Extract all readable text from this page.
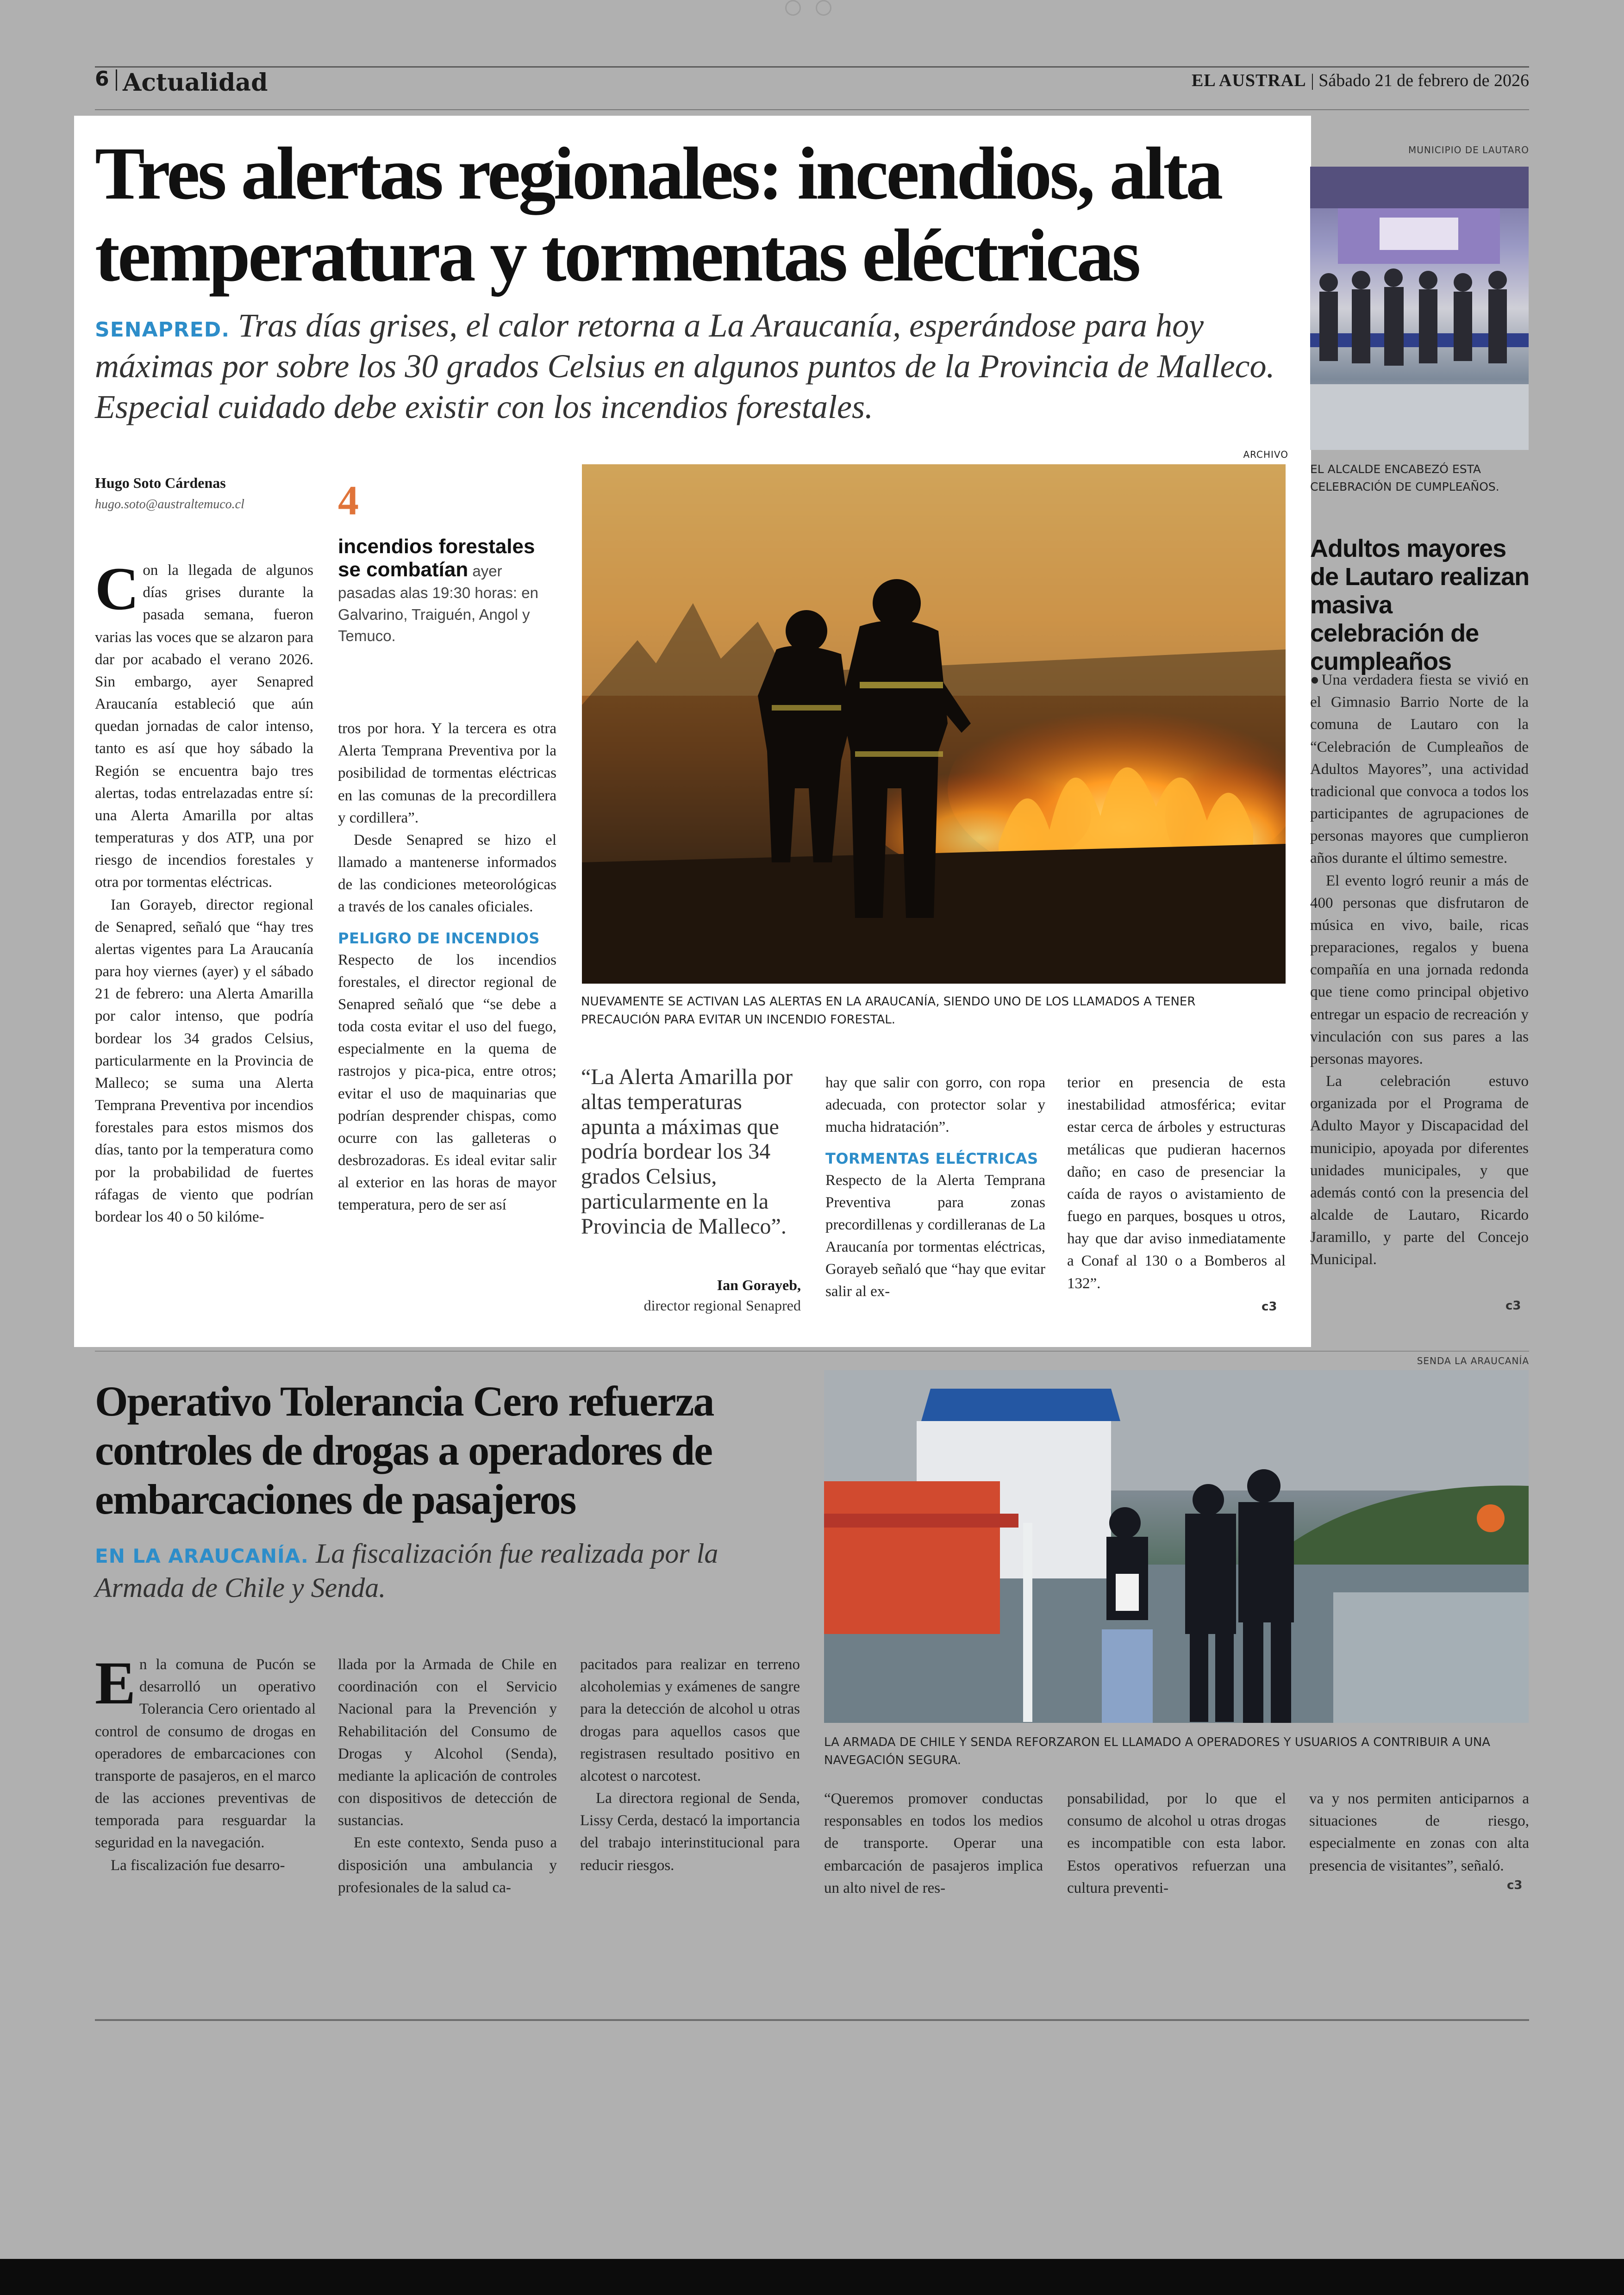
6 Actualidad	EL AUSTRAL | Sábado 21 de febrero de 2026
Tres alertas regionales: incendios, alta temperatura y tormentas eléctricas
SENAPRED. Tras días grises, el calor retorna a La Araucanía, esperándose para hoy máximas por sobre los 30 grados Celsius en algunos puntos de la Provincia de Malleco. Especial cuidado debe existir con los incendios forestales.
ARCHIVO
Hugo Soto Cárdenas
hugo.soto@australtemuco.cl

Con la llegada de algunos días grises durante la pasada semana, fueron varias las voces que se alzaron para dar por acabado el verano 2026. Sin embargo, ayer Senapred Araucanía estableció que aún quedan jornadas de calor intenso, tanto es así que hoy sábado la Región se encuentra bajo tres alertas, todas entrelazadas entre sí: una Alerta Amarilla por altas temperaturas y dos ATP, una por riesgo de incendios forestales y otra por tormentas eléctricas.

Ian Gorayeb, director regional de Senapred, señaló que “hay tres alertas vigentes para La Araucanía para hoy viernes (ayer) y el sábado 21 de febrero: una Alerta Amarilla por calor intenso, que podría bordear los 34 grados Celsius, particularmente en la Provincia de Malleco; se suma una Alerta Temprana Preventiva por incendios forestales para estos mismos dos días, tanto por la temperatura como por la probabilidad de fuertes ráfagas de viento que podrían bordear los 40 o 50 kilóme-

4
incendios forestales se combatían ayer pasadas alas 19:30 horas: en Galvarino, Traiguén, Angol y Temuco.

tros por hora. Y la tercera es otra Alerta Temprana Preventiva por la posibilidad de tormentas eléctricas en las comunas de la precordillera y cordillera”.

Desde Senapred se hizo el llamado a mantenerse informados de las condiciones meteorológicas a través de los canales oficiales.

PELIGRO DE INCENDIOS

Respecto de los incendios forestales, el director regional de Senapred señaló que “se debe a toda costa evitar el uso del fuego, especialmente en la quema de rastrojos y pica-pica, entre otros; evitar el uso de maquinarias que podrían desprender chispas, como ocurre con las galleteras o desbrozadoras. Es ideal evitar salir al exterior en las horas de mayor temperatura, pero de ser así

NUEVAMENTE SE ACTIVAN LAS ALERTAS EN LA ARAUCANÍA, SIENDO UNO DE LOS LLAMADOS A TENER PRECAUCIÓN PARA EVITAR UN INCENDIO FORESTAL.
“La Alerta Amarilla por altas temperaturas apunta a máximas que podría bordear los 34 grados Celsius, particularmente en la Provincia de Malleco”.
Ian Gorayeb,
director regional Senapred

hay que salir con gorro, con ropa adecuada, con protector solar y mucha hidratación”.

TORMENTAS ELÉCTRICAS

Respecto de la Alerta Temprana Preventiva para zonas precordillenas y cordilleranas de La Araucanía por tormentas eléctricas, Gorayeb señaló que “hay que evitar salir al ex-

terior en presencia de esta inestabilidad atmosférica; evitar estar cerca de árboles y estructuras metálicas que pudieran hacernos daño; en caso de presenciar la caída de rayos o avistamiento de fuego en parques, bosques u otros, hay que dar aviso inmediatamente a Conaf al 130 o a Bomberos al 132”.

c3
MUNICIPIO DE LAUTARO
EL ALCALDE ENCABEZÓ ESTA CELEBRACIÓN DE CUMPLEAÑOS.
Adultos mayores de Lautaro realizan masiva celebración de cumpleaños

●Una verdadera fiesta se vivió en el Gimnasio Barrio Norte de la comuna de Lautaro con la “Celebración de Cumpleaños de Adultos Mayores”, una actividad tradicional que convoca a todos los participantes de agrupaciones de personas mayores que cumplieron años durante el último semestre.

El evento logró reunir a más de 400 personas que disfrutaron de música en vivo, baile, ricas preparaciones, regalos y buena compañía en una jornada redonda que tiene como principal objetivo entregar un espacio de recreación y vinculación con sus pares a las personas mayores.

La celebración estuvo organizada por el Programa de Adulto Mayor y Discapacidad del municipio, apoyada por diferentes unidades municipales, y que además contó con la presencia del alcalde de Lautaro, Ricardo Jaramillo, y parte del Concejo Municipal.

c3
Operativo Tolerancia Cero refuerza controles de drogas a operadores de embarcaciones de pasajeros
EN LA ARAUCANÍA. La fiscalización fue realizada por la Armada de Chile y Senda.
SENDA LA ARAUCANÍA
LA ARMADA DE CHILE Y SENDA REFORZARON EL LLAMADO A OPERADORES Y USUARIOS A CONTRIBUIR A UNA NAVEGACIÓN SEGURA.

En la comuna de Pucón se desarrolló un operativo Tolerancia Cero orientado al control de consumo de drogas en operadores de embarcaciones con transporte de pasajeros, en el marco de las acciones preventivas de temporada para resguardar la seguridad en la navegación.

La fiscalización fue desarro-

llada por la Armada de Chile en coordinación con el Servicio Nacional para la Prevención y Rehabilitación del Consumo de Drogas y Alcohol (Senda), mediante la aplicación de controles con dispositivos de detección de sustancias.

En este contexto, Senda puso a disposición una ambulancia y profesionales de la salud ca-

pacitados para realizar en terreno alcoholemias y exámenes de sangre para la detección de alcohol u otras drogas para aquellos casos que registrasen resultado positivo en alcotest o narcotest.

La directora regional de Senda, Lissy Cerda, destacó la importancia del trabajo interinstitucional para reducir riesgos.

“Queremos promover conductas responsables en todos los medios de transporte. Operar una embarcación de pasajeros implica un alto nivel de res-

ponsabilidad, por lo que el consumo de alcohol u otras drogas es incompatible con esta labor. Estos operativos refuerzan una cultura preventi-

va y nos permiten anticiparnos a situaciones de riesgo, especialmente en zonas con alta presencia de visitantes”, señaló.

c3
